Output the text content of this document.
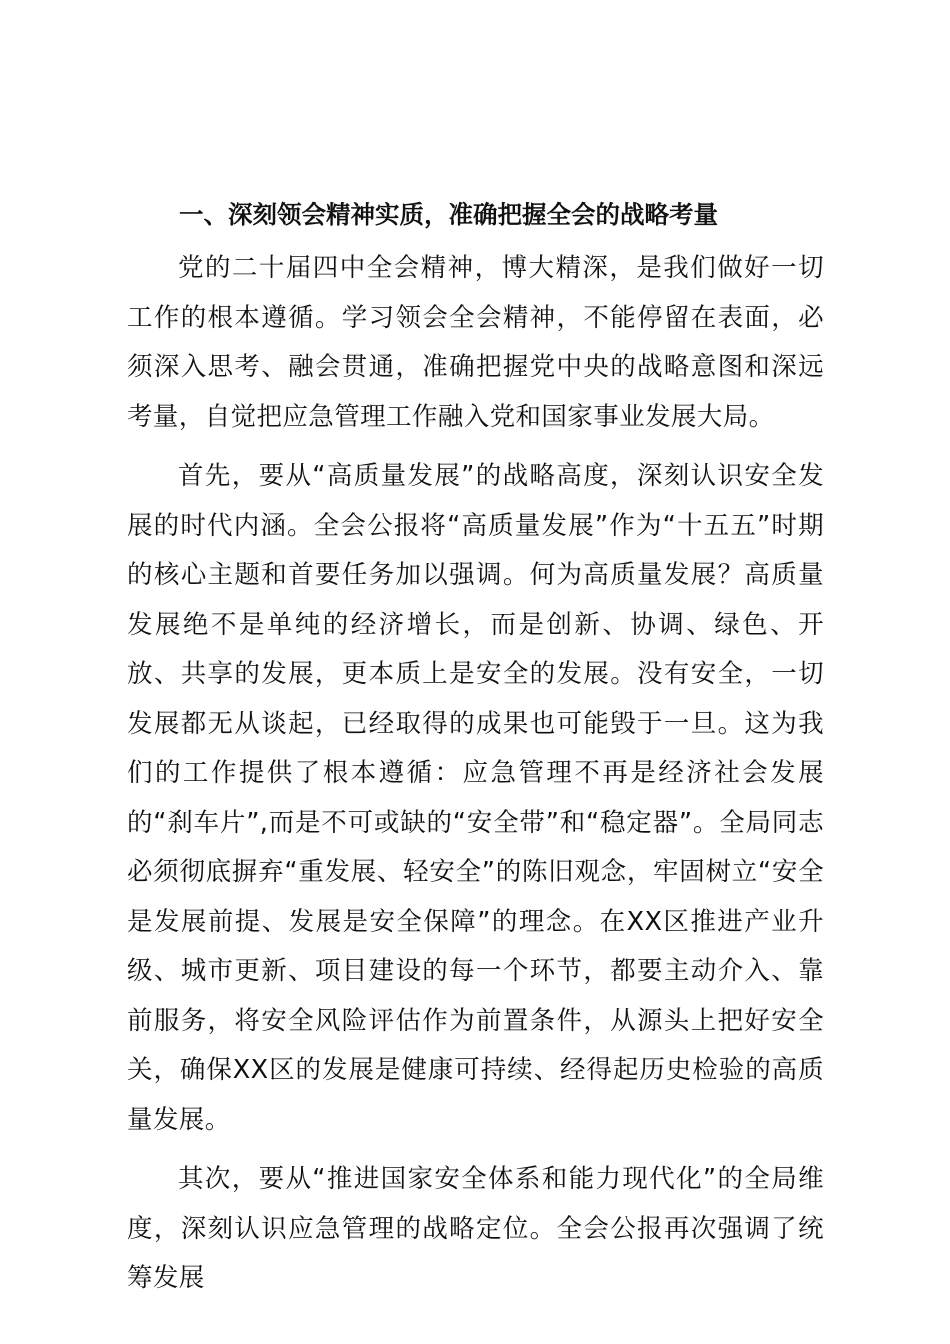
一、深刻领会精神实质，准确把握全会的战略考量

党的二十届四中全会精神，博大精深，是我们做好一切工作的根本遵循。学习领会全会精神，不能停留在表面，必须深入思考、融会贯通，准确把握党中央的战略意图和深远考量，自觉把应急管理工作融入党和国家事业发展大局。

首先，要从“高质量发展”的战略高度，深刻认识安全发展的时代内涵。全会公报将“高质量发展”作为“十五五”时期的核心主题和首要任务加以强调。何为高质量发展？高质量发展绝不是单纯的经济增长，而是创新、协调、绿色、开放、共享的发展，更本质上是安全的发展。没有安全，一切发展都无从谈起，已经取得的成果也可能毁于一旦。这为我们的工作提供了根本遵循：应急管理不再是经济社会发展的“刹车片”,而是不可或缺的“安全带”和“稳定器”。全局同志必须彻底摒弃“重发展、轻安全”的陈旧观念，牢固树立“安全是发展前提、发展是安全保障”的理念。在XX区推进产业升级、城市更新、项目建设的每一个环节，都要主动介入、靠前服务，将安全风险评估作为前置条件，从源头上把好安全关，确保XX区的发展是健康可持续、经得起历史检验的高质量发展。

其次，要从“推进国家安全体系和能力现代化”的全局维度，深刻认识应急管理的战略定位。全会公报再次强调了统筹发展
